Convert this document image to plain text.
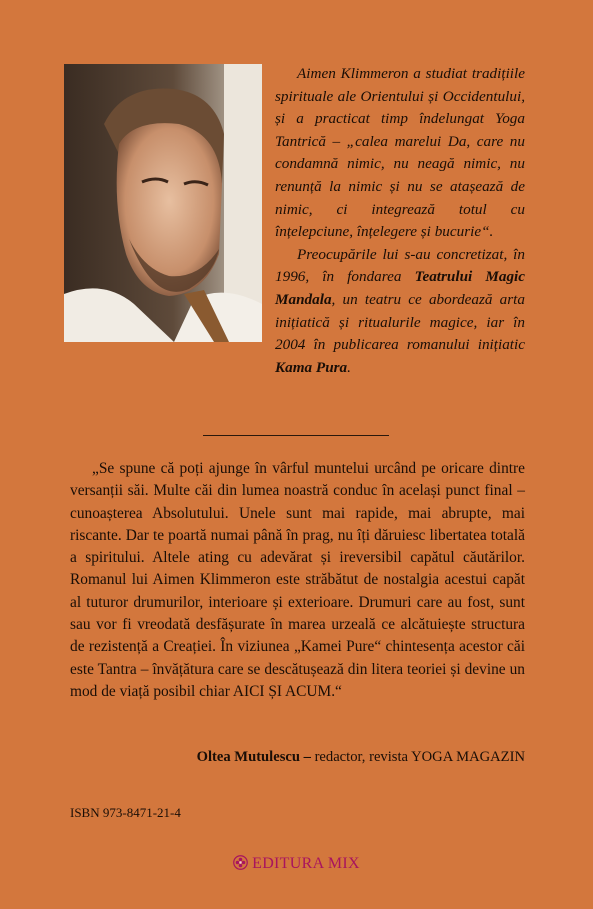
Aimen Klimmeron a studiat tradițiile spirituale ale Orientului și Occidentului, și a practicat timp îndelungat Yoga Tantrică – „calea marelui Da, care nu condamnă nimic, nu neagă nimic, nu renunță la nimic și nu se atașează de nimic, ci integrează totul cu înțelepciune, înțelegere și bucurie“.

Preocupările lui s-au concretizat, în 1996, în fondarea Teatrului Magic Mandala, un teatru ce abordează arta inițiatică și ritualurile magice, iar în 2004 în publicarea romanului inițiatic Kama Pura.

„Se spune că poți ajunge în vârful muntelui urcând pe oricare dintre versanții săi. Multe căi din lumea noastră conduc în același punct final – cunoașterea Absolutului. Unele sunt mai rapide, mai abrupte, mai riscante. Dar te poartă numai până în prag, nu îți dăruiesc libertatea totală a spiritului. Altele ating cu adevărat și ireversibil capătul căutărilor. Romanul lui Aimen Klimmeron este străbătut de nostalgia acestui capăt al tuturor drumurilor, interioare și exterioare. Drumuri care au fost, sunt sau vor fi vreodată desfășurate în marea urzeală ce alcătuiește structura de rezistență a Creației. În viziunea „Kamei Pure“ chintesența acestor căi este Tantra – învățătura care se descătușează din litera teoriei și devine un mod de viață posibil chiar AICI ȘI ACUM.“

Oltea Mutulescu – redactor, revista YOGA MAGAZIN
ISBN 973-8471-21-4
EDITURA MIX
